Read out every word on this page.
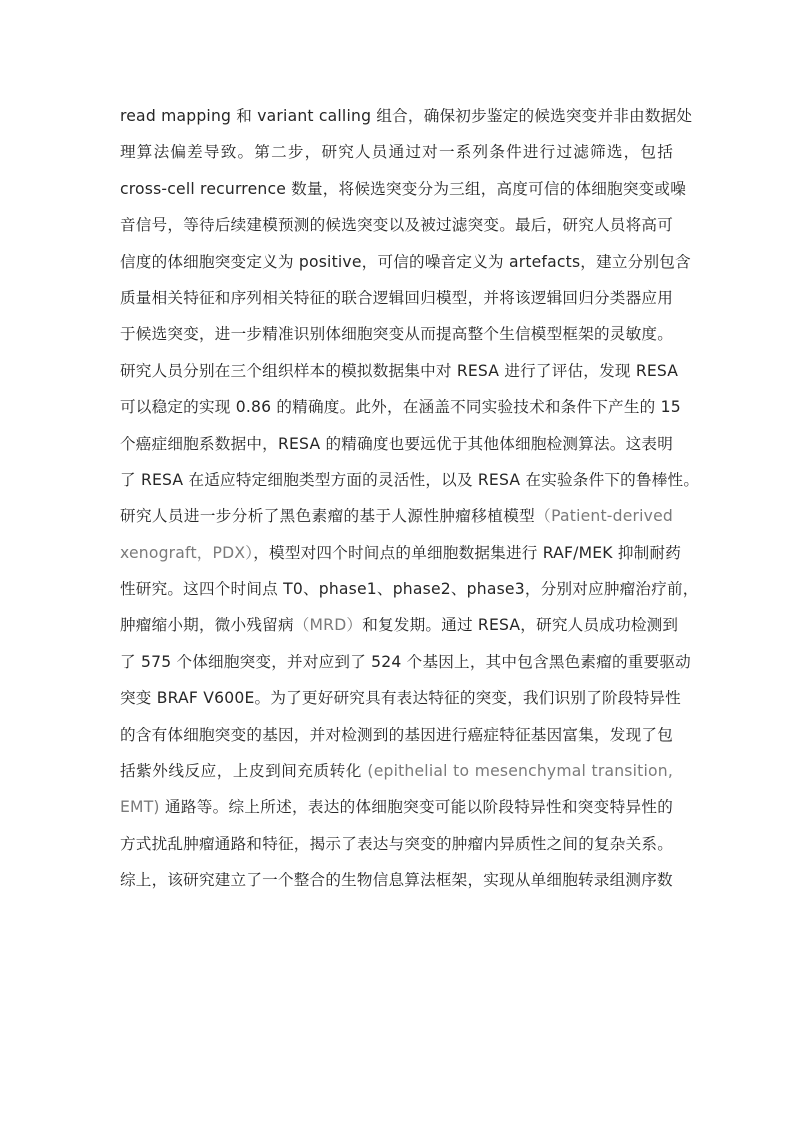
read mapping 和 variant calling 组合，确保初步鉴定的候选突变并非由数据处
理算法偏差导致。第二步，研究人员通过对一系列条件进行过滤筛选，包括
cross-cell recurrence 数量，将候选突变分为三组，高度可信的体细胞突变或噪
音信号，等待后续建模预测的候选突变以及被过滤突变。最后，研究人员将高可
信度的体细胞突变定义为 positive，可信的噪音定义为 artefacts，建立分别包含
质量相关特征和序列相关特征的联合逻辑回归模型，并将该逻辑回归分类器应用
于候选突变，进一步精准识别体细胞突变从而提高整个生信模型框架的灵敏度。
研究人员分别在三个组织样本的模拟数据集中对 RESA 进行了评估，发现 RESA
可以稳定的实现 0.86 的精确度。此外，在涵盖不同实验技术和条件下产生的 15
个癌症细胞系数据中，RESA 的精确度也要远优于其他体细胞检测算法。这表明
了 RESA 在适应特定细胞类型方面的灵活性，以及 RESA 在实验条件下的鲁棒性。
研究人员进一步分析了黑色素瘤的基于人源性肿瘤移植模型（Patient-derived
xenograft，PDX），模型对四个时间点的单细胞数据集进行 RAF/MEK 抑制耐药
性研究。这四个时间点 T0、phase1、phase2、phase3，分别对应肿瘤治疗前，
肿瘤缩小期，微小残留病（MRD）和复发期。通过 RESA，研究人员成功检测到
了 575 个体细胞突变，并对应到了 524 个基因上，其中包含黑色素瘤的重要驱动
突变 BRAF V600E。为了更好研究具有表达特征的突变，我们识别了阶段特异性
的含有体细胞突变的基因，并对检测到的基因进行癌症特征基因富集，发现了包
括紫外线反应，上皮到间充质转化 (epithelial to mesenchymal transition,
EMT) 通路等。综上所述，表达的体细胞突变可能以阶段特异性和突变特异性的
方式扰乱肿瘤通路和特征，揭示了表达与突变的肿瘤内异质性之间的复杂关系。
综上，该研究建立了一个整合的生物信息算法框架，实现从单细胞转录组测序数
